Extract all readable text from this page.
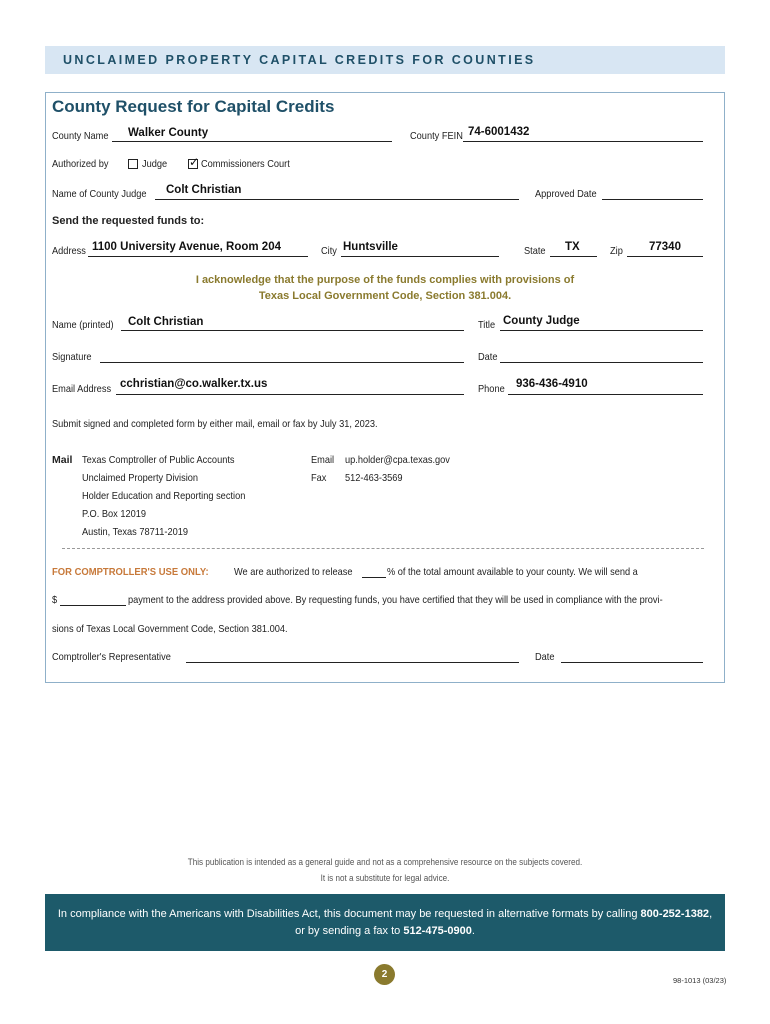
UNCLAIMED PROPERTY CAPITAL CREDITS FOR COUNTIES
County Request for Capital Credits
County Name Walker County	County FEIN 74-6001432
Authorized by	Judge ✓ Commissioners Court
Name of County Judge Colt Christian	Approved Date
Send the requested funds to:
Address 1100 University Avenue, Room 204	City Huntsville	State TX	Zip 77340
I acknowledge that the purpose of the funds complies with provisions of
Texas Local Government Code, Section 381.004.
Name (printed) Colt Christian	Title County Judge
Signature	Date
Email Address cchristian@co.walker.tx.us	Phone 936-436-4910
Submit signed and completed form by either mail, email or fax by July 31, 2023.
Mail Texas Comptroller of Public Accounts
Unclaimed Property Division
Holder Education and Reporting section
P.O. Box 12019
Austin, Texas 78711-2019
Email up.holder@cpa.texas.gov
Fax 512-463-3569
FOR COMPTROLLER'S USE ONLY: We are authorized to release	% of the total amount available to your county. We will send a
$	payment to the address provided above. By requesting funds, you have certified that they will be used in compliance with the provi-
sions of Texas Local Government Code, Section 381.004.
Comptroller's Representative	Date
This publication is intended as a general guide and not as a comprehensive resource on the subjects covered.
It is not a substitute for legal advice.
In compliance with the Americans with Disabilities Act, this document may be requested in alternative formats by calling 800-252-1382,
or by sending a fax to 512-475-0900.
2
98-1013 (03/23)
